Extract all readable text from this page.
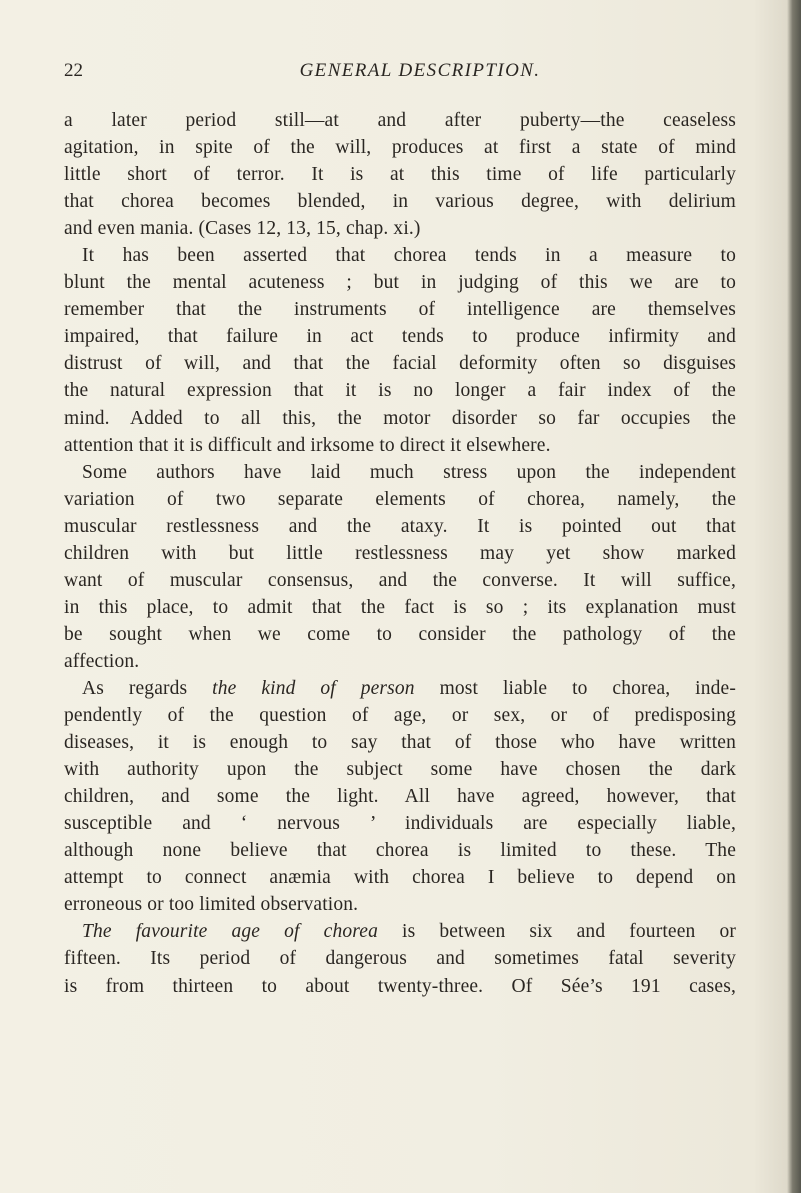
22	GENERAL DESCRIPTION.
a later period still—at and after puberty—the ceaseless
agitation, in spite of the will, produces at first a state of mind
little short of terror. It is at this time of life particularly
that chorea becomes blended, in various degree, with delirium
and even mania. (Cases 12, 13, 15, chap. xi.)
It has been asserted that chorea tends in a measure to
blunt the mental acuteness ; but in judging of this we are to
remember that the instruments of intelligence are themselves
impaired, that failure in act tends to produce infirmity and
distrust of will, and that the facial deformity often so disguises
the natural expression that it is no longer a fair index of the
mind. Added to all this, the motor disorder so far occupies the
attention that it is difficult and irksome to direct it elsewhere.
Some authors have laid much stress upon the independent
variation of two separate elements of chorea, namely, the
muscular restlessness and the ataxy. It is pointed out that
children with but little restlessness may yet show marked
want of muscular consensus, and the converse. It will suffice,
in this place, to admit that the fact is so ; its explanation must
be sought when we come to consider the pathology of the
affection.
As regards the kind of person most liable to chorea, inde-
pendently of the question of age, or sex, or of predisposing
diseases, it is enough to say that of those who have written
with authority upon the subject some have chosen the dark
children, and some the light. All have agreed, however, that
susceptible and ‘ nervous ’ individuals are especially liable,
although none believe that chorea is limited to these. The
attempt to connect anæmia with chorea I believe to depend on
erroneous or too limited observation.
The favourite age of chorea is between six and fourteen or
fifteen. Its period of dangerous and sometimes fatal severity
is from thirteen to about twenty-three. Of Sée’s 191 cases,
